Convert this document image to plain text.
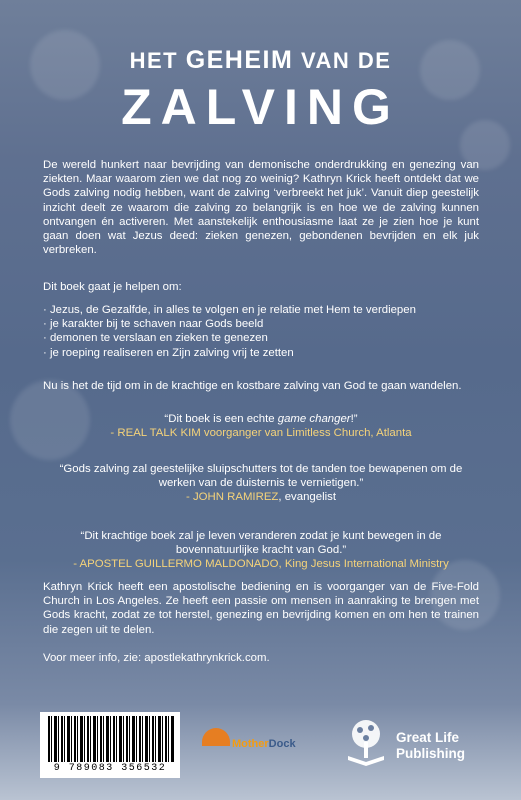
HET GEHEIM VAN DE
ZALVING

De wereld hunkert naar bevrijding van demonische onderdrukking en genezing van ziekten. Maar waarom zien we dat nog zo weinig? Kathryn Krick heeft ontdekt dat we Gods zalving nodig hebben, want de zalving ‘verbreekt het juk’. Vanuit diep geestelijk inzicht deelt ze waarom die zalving zo belangrijk is en hoe we de zalving kunnen ontvangen én activeren. Met aanstekelijk enthousiasme laat ze je zien hoe je kunt gaan doen wat Jezus deed: zieken genezen, gebondenen bevrijden en elk juk verbreken.

Dit boek gaat je helpen om:

· Jezus, de Gezalfde, in alles te volgen en je relatie met Hem te verdiepen
· je karakter bij te schaven naar Gods beeld
· demonen te verslaan en zieken te genezen
· je roeping realiseren en Zijn zalving vrij te zetten

Nu is het de tijd om in de krachtige en kostbare zalving van God te gaan wandelen.

“Dit boek is een echte game changer!”
- REAL TALK KIM voorganger van Limitless Church, Atlanta
“Gods zalving zal geestelijke sluipschutters tot de tanden toe bewapenen om de werken van de duisternis te vernietigen.”
- JOHN RAMIREZ, evangelist
“Dit krachtige boek zal je leven veranderen zodat je kunt bewegen in de bovennatuurlijke kracht van God.”
- APOSTEL GUILLERMO MALDONADO, King Jesus International Ministry

Kathryn Krick heeft een apostolische bediening en is voorganger van de Five-Fold Church in Los Angeles. Ze heeft een passie om mensen in aanraking te brengen met Gods kracht, zodat ze tot herstel, genezing en bevrijding komen en om hen te trainen die zegen uit te delen.

Voor meer info, zie: apostlekathrynkrick.com.

9 789083 356532
MotherDock	Great Life
Publishing
